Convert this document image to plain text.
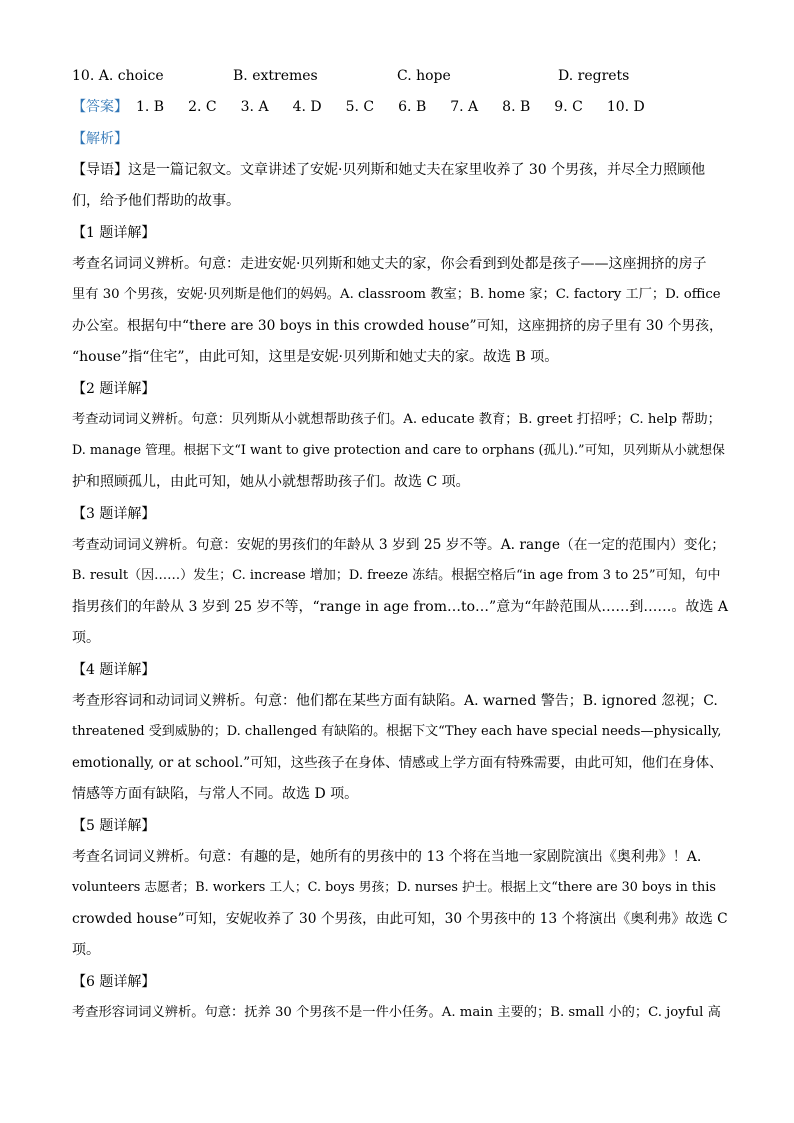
10. A. choice	B. extremes	C. hope	D. regrets
【答案】 1. B 2. C 3. A 4. D 5. C 6. B 7. A 8. B 9. C 10. D
【解析】
【导语】这是一篇记叙文。文章讲述了安妮·贝列斯和她丈夫在家里收养了 30 个男孩，并尽全力照顾他
们，给予他们帮助的故事。
【1 题详解】
考查名词词义辨析。句意：走进安妮·贝列斯和她丈夫的家，你会看到到处都是孩子——这座拥挤的房子
里有 30 个男孩，安妮·贝列斯是他们的妈妈。A. classroom 教室；B. home 家；C. factory 工厂；D. office
办公室。根据句中“there are 30 boys in this crowded house”可知，这座拥挤的房子里有 30 个男孩，
“house”指“住宅”，由此可知，这里是安妮·贝列斯和她丈夫的家。故选 B 项。
【2 题详解】
考查动词词义辨析。句意：贝列斯从小就想帮助孩子们。A. educate 教育；B. greet 打招呼；C. help 帮助；
D. manage 管理。根据下文“I want to give protection and care to orphans (孤儿).”可知，贝列斯从小就想保
护和照顾孤儿，由此可知，她从小就想帮助孩子们。故选 C 项。
【3 题详解】
考查动词词义辨析。句意：安妮的男孩们的年龄从 3 岁到 25 岁不等。A. range（在一定的范围内）变化；
B. result（因……）发生；C. increase 增加；D. freeze 冻结。根据空格后“in age from 3 to 25”可知，句中
指男孩们的年龄从 3 岁到 25 岁不等，“range in age from…to…”意为“年龄范围从……到……。故选 A
项。
【4 题详解】
考查形容词和动词词义辨析。句意：他们都在某些方面有缺陷。A. warned 警告；B. ignored 忽视；C.
threatened 受到威胁的；D. challenged 有缺陷的。根据下文“They each have special needs—physically,
emotionally, or at school.”可知，这些孩子在身体、情感或上学方面有特殊需要，由此可知，他们在身体、
情感等方面有缺陷，与常人不同。故选 D 项。
【5 题详解】
考查名词词义辨析。句意：有趣的是，她所有的男孩中的 13 个将在当地一家剧院演出《奥利弗》！A.
volunteers 志愿者；B. workers 工人；C. boys 男孩；D. nurses 护士。根据上文“there are 30 boys in this
crowded house”可知，安妮收养了 30 个男孩，由此可知，30 个男孩中的 13 个将演出《奥利弗》故选 C
项。
【6 题详解】
考查形容词词义辨析。句意：抚养 30 个男孩不是一件小任务。A. main 主要的；B. small 小的；C. joyful 高
